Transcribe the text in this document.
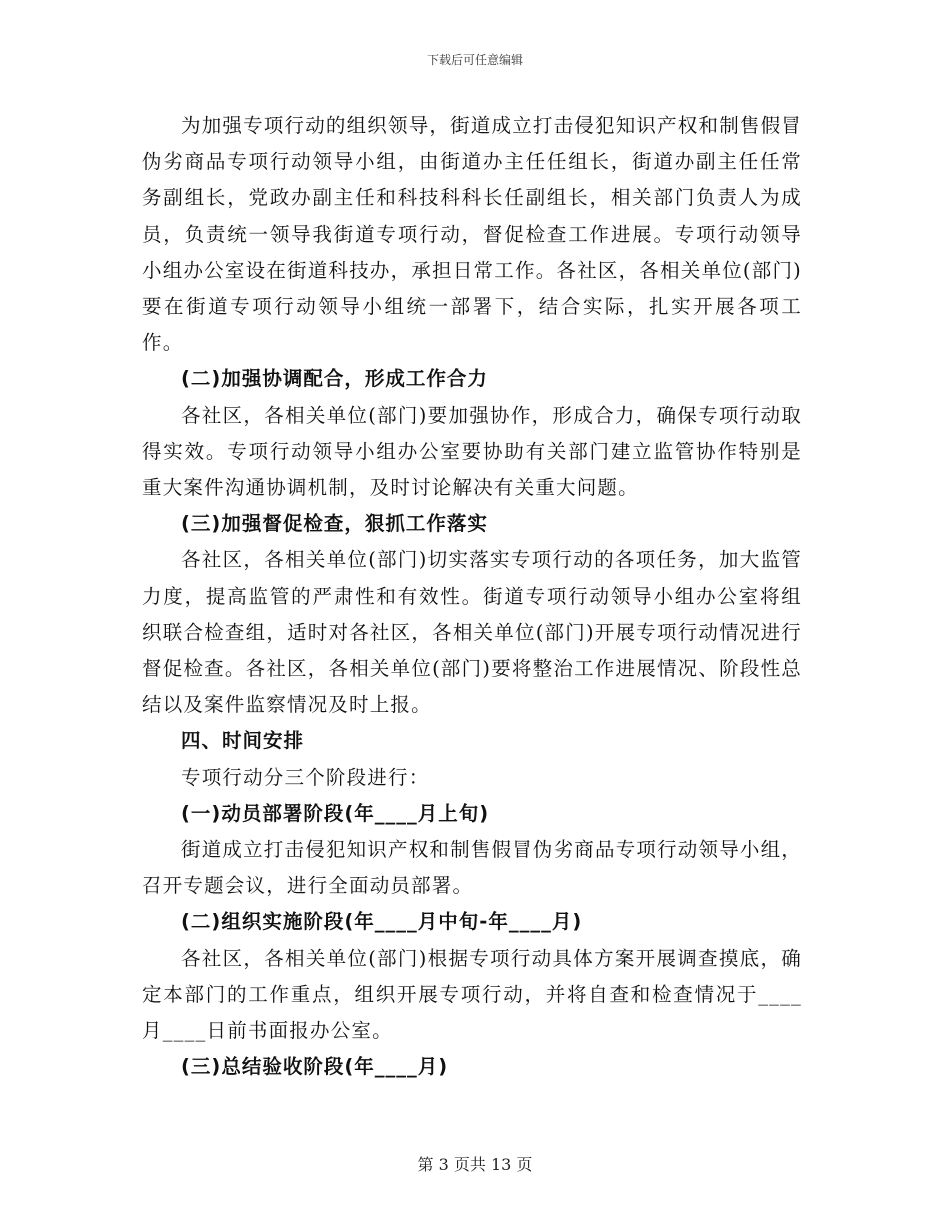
下载后可任意编辑

为加强专项行动的组织领导，街道成立打击侵犯知识产权和制售假冒伪劣商品专项行动领导小组，由街道办主任任组长，街道办副主任任常务副组长，党政办副主任和科技科科长任副组长，相关部门负责人为成员，负责统一领导我街道专项行动，督促检查工作进展。专项行动领导小组办公室设在街道科技办，承担日常工作。各社区，各相关单位(部门)要在街道专项行动领导小组统一部署下，结合实际，扎实开展各项工作。

(二)加强协调配合，形成工作合力

各社区，各相关单位(部门)要加强协作，形成合力，确保专项行动取得实效。专项行动领导小组办公室要协助有关部门建立监管协作特别是重大案件沟通协调机制，及时讨论解决有关重大问题。

(三)加强督促检查，狠抓工作落实

各社区，各相关单位(部门)切实落实专项行动的各项任务，加大监管力度，提高监管的严肃性和有效性。街道专项行动领导小组办公室将组织联合检查组，适时对各社区，各相关单位(部门)开展专项行动情况进行督促检查。各社区，各相关单位(部门)要将整治工作进展情况、阶段性总结以及案件监察情况及时上报。

四、时间安排

专项行动分三个阶段进行：

(一)动员部署阶段(年____月上旬)

街道成立打击侵犯知识产权和制售假冒伪劣商品专项行动领导小组，召开专题会议，进行全面动员部署。

(二)组织实施阶段(年____月中旬-年____月)

各社区，各相关单位(部门)根据专项行动具体方案开展调查摸底，确定本部门的工作重点，组织开展专项行动，并将自查和检查情况于____月____日前书面报办公室。

(三)总结验收阶段(年____月)

第 3 页共 13 页
